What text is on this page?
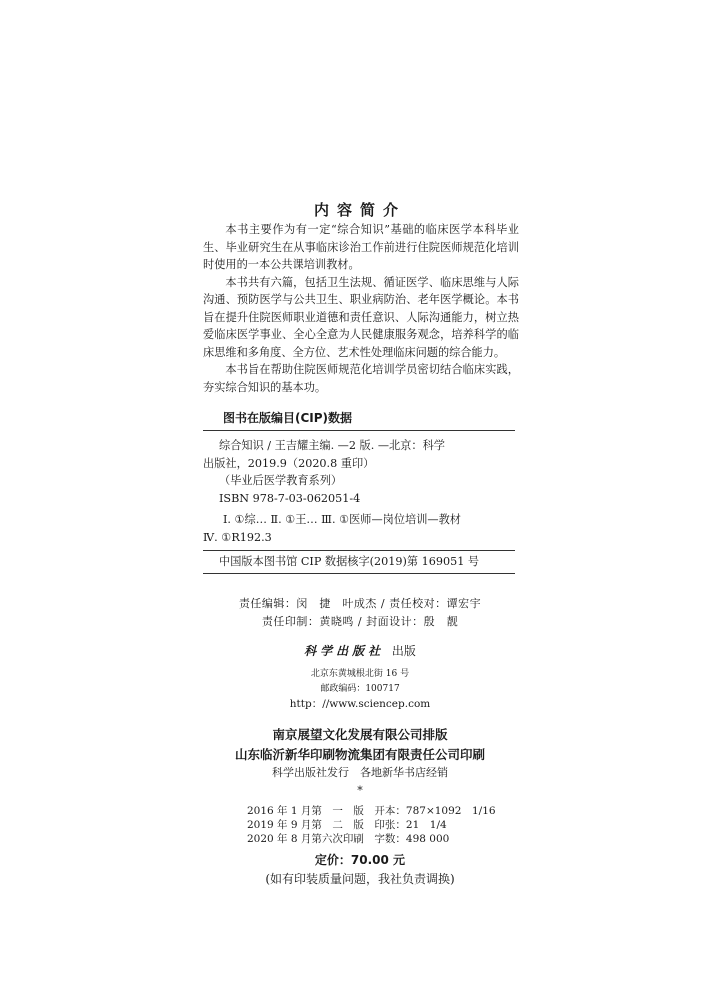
内容简介

本书主要作为有一定“综合知识”基础的临床医学本科毕业生、毕业研究生在从事临床诊治工作前进行住院医师规范化培训时使用的一本公共课培训教材。

本书共有六篇，包括卫生法规、循证医学、临床思维与人际沟通、预防医学与公共卫生、职业病防治、老年医学概论。本书旨在提升住院医师职业道德和责任意识、人际沟通能力，树立热爱临床医学事业、全心全意为人民健康服务观念，培养科学的临床思维和多角度、全方位、艺术性处理临床问题的综合能力。

本书旨在帮助住院医师规范化培训学员密切结合临床实践，夯实综合知识的基本功。

图书在版编目(CIP)数据
综合知识 / 王吉耀主编. —2 版. —北京：科学
出版社，2019.9（2020.8 重印）
（毕业后医学教育系列）
ISBN 978-7-03-062051-4
Ⅰ. ①综… Ⅱ. ①王… Ⅲ. ①医师—岗位培训—教材
Ⅳ. ①R192.3
中国版本图书馆 CIP 数据核字(2019)第 169051 号
责任编辑：闵　捷　叶成杰 / 责任校对：谭宏宇
责任印制：黄晓鸣 / 封面设计：殷　靓
科学出版社 出版
北京东黄城根北街 16 号
邮政编码：100717
http：//www.sciencep.com
南京展望文化发展有限公司排版
山东临沂新华印刷物流集团有限责任公司印刷
科学出版社发行　各地新华书店经销
*
2016 年 1 月第　一　版　开本：787×1092　1/16
2019 年 9 月第　二　版　印张：21　1/4
2020 年 8 月第六次印刷　字数：498 000
定价：70.00 元
(如有印装质量问题，我社负责调换)
